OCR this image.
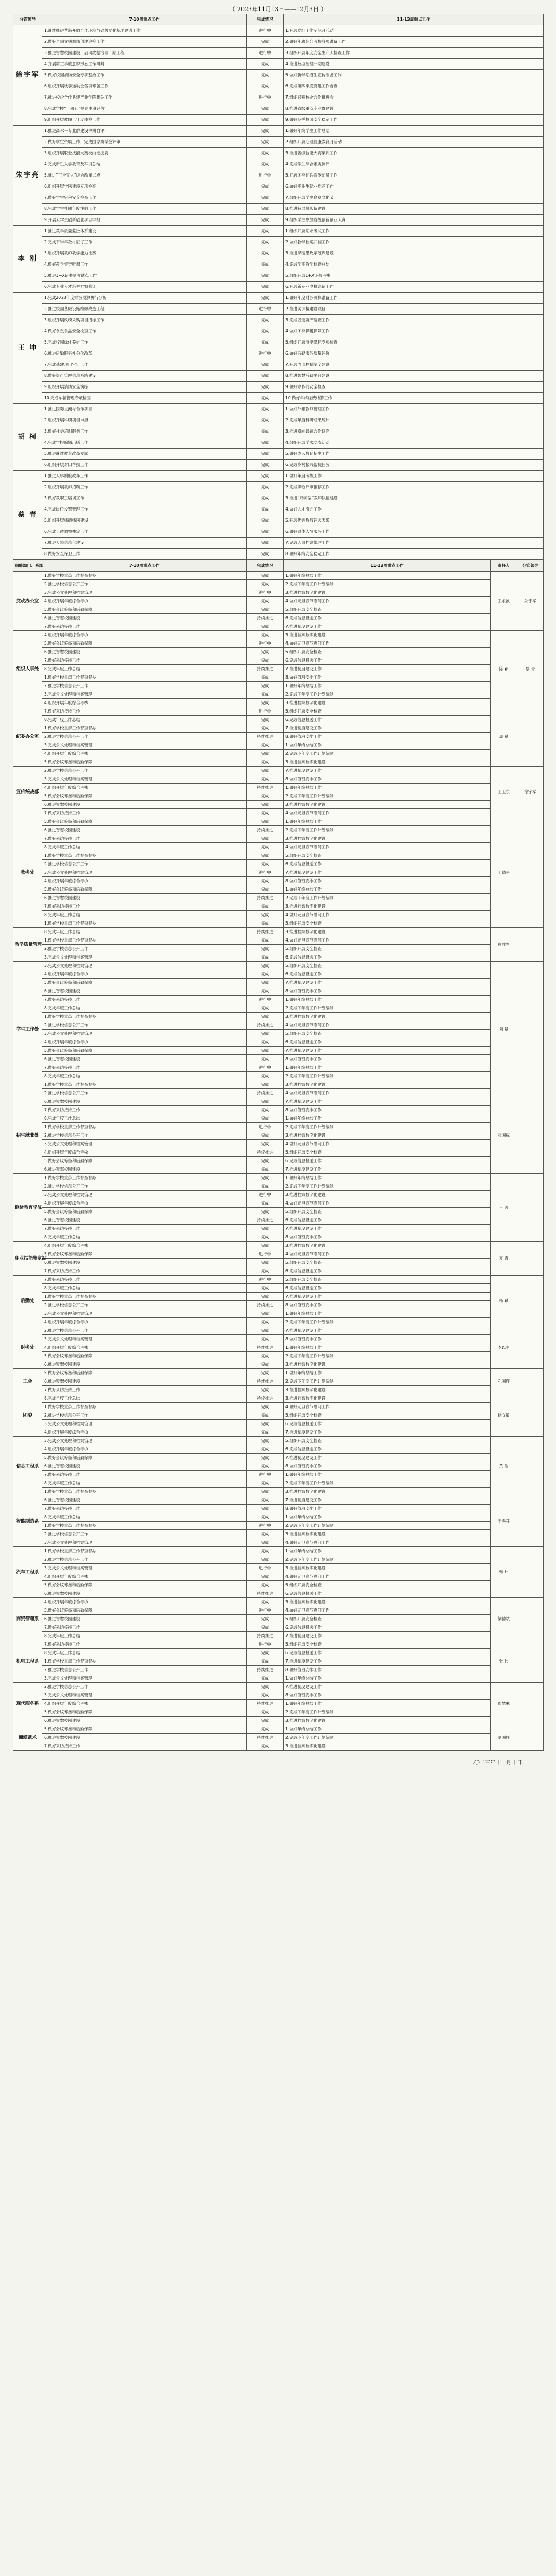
（ 2023年11月13日——12月3日 ）
分管领导	7-10周重点工作	完成情况	11-13周重点工作
徐宇军	1.继续推进营造开放合作环境与省级文化基地建设工作	进行中	1.开展党组工作示范月活动
	2.做好全国文明城市创建迎检工作	完成	2.做好年底综合考核各项准备工作
	3.推进智慧校园建设，启动数据治理一期工程	进行中	3.组织开展年度安全生产大检查工作
	4.开展第三季度意识形态工作研判	完成	4.推进数据治理一期建设
	5.做好校园消防安全专项整治工作	完成	5.做好新学期招生宣传准备工作
	6.组织开展秋季运动会各项筹备工作	完成	6.完成第四季度党建工作督查
	7.推进校企合作共建产业学院相关工作	进行中	7.组织召开校企合作推进会
	8.完成学校“十四五”规划中期评估	完成	8.推进省级重点专业群建设
	9.组织开展教职工年度体检工作	完成	9.做好冬季校园安全稳定工作
朱宇亮	1.推进高水平专业群建设中期自评	完成	1.做好年终学生工作总结
	2.做好学生资助工作，完成国家助学金评审	完成	2.组织开展心理健康教育月活动
	3.组织开展职业技能大赛校内选拔赛	完成	3.推进省级技能大赛集训工作
	4.完成新生入学教育及军训总结	完成	4.完成学生综合素质测评
	5.推进“三全育人”综合改革试点	进行中	5.开展冬季征兵宣传动员工作
	6.组织开展学风建设专项检查	完成	6.做好毕业生就业推荐工作
	7.做好学生宿舍安全检查工作	完成	7.组织开展学生寝室文化节
	8.完成学生社团年度注册工作	完成	8.推进辅导员队伍建设
	9.开展大学生创新创业项目申报	完成	9.组织学生参加省级创新创业大赛
李 刚	1.推进教学质量监控体系建设	完成	1.组织开展期末考试工作
	2.完成下半年教材征订工作	完成	2.做好教学档案归档工作
	3.组织开展教师教学能力比赛	完成	3.推进课程思政示范课建设
	4.做好教学督导听课工作	完成	4.完成学期教学检查总结
	5.推进1+X证书制度试点工作	完成	5.组织开展1+X证书考核
	6.完成专业人才培养方案修订	完成	6.开展新专业申报论证工作
王 坤	1.完成2023年度财务预算执行分析	完成	1.做好年度财务决算准备工作
	2.推进校园基础设施维修改造工程	进行中	2.推进实训楼建设项目
	3.组织开展政府采购项目招标工作	完成	3.完成固定资产清查工作
	4.做好食堂食品安全检查工作	完成	4.做好冬季供暖保障工作
	5.完成校园绿化养护工作	完成	5.组织开展节能降耗专项检查
	6.推进后勤服务社会化改革	进行中	6.做好后勤服务质量评价
	7.完成基建项目审计工作	完成	7.开展内部控制制度建设
	8.做好资产管理信息系统建设	完成	8.推进智慧后勤平台建设
	9.组织开展消防安全演练	完成	9.做好寒假前安全检查
	10.完成车辆管理专项检查	完成	10.做好年终经费结算工作
胡 柯	1.推进国际交流与合作项目	完成	1.做好外籍教师管理工作
	2.组织开展科研项目申报	完成	2.完成年度科研成果统计
	3.做好社会培训服务工作	完成	3.推进横向课题合作研究
	4.完成学报编辑出版工作	完成	4.组织开展学术交流活动
	5.推进继续教育改革发展	完成	5.做好成人教育招生工作
	6.组织开展对口帮扶工作	完成	6.完成乡村振兴帮扶任务
蔡 青	1.推进人事制度改革工作	完成	1.做好年度考核工作
	2.组织开展教师招聘工作	完成	2.完成职称评审推荐工作
	3.做好教职工培训工作	完成	3.推进“双师型”教师队伍建设
	4.完成岗位设置管理工作	完成	4.做好人才引进工作
	5.组织开展师德师风建设	完成	5.开展优秀教师评选表彰
	6.完成工资调整核定工作	完成	6.做好退休人员服务工作
	7.推进人事信息化建设	完成	7.完成人事档案整理工作
	8.做好安全保卫工作	完成	8.做好年终安全稳定工作
职能部门、系部	7-10周重点工作	完成情况	11-13周重点工作	责任人	分管领导
党政办公室	1.做好学校重点工作督查督办	完成	1.做好年终总结工作	王永波	朱宇军
	2.推进学校信息公开工作	完成	2.完成下年度工作计划编制		
	3.完成公文处理和档案管理	进行中	3.推进档案数字化建设		
	4.组织开展年度综合考核	完成	4.做好元旦春节慰问工作		
	5.做好会议筹备和后勤保障	完成	5.组织开展安全检查		
	6.推进智慧校园建设	持续推进	6.完成信息报送工作		
	7.做好来访接待工作	完成	7.推进制度建设工作		
组织人事处	4.组织开展年度综合考核	完成	3.推进档案数字化建设	陈 颖	蔡 青
	5.做好会议筹备和后勤保障	进行中	4.做好元旦春节慰问工作		
	6.推进智慧校园建设	完成	5.组织开展安全检查		
	7.做好来访接待工作	完成	6.完成信息报送工作		
	8.完成年度工作总结	持续推进	7.推进制度建设工作		
	1.做好学校重点工作督查督办	完成	8.做好值班安排工作		
	2.推进学校信息公开工作	完成	1.做好年终总结工作		
	3.完成公文处理和档案管理	完成	2.完成下年度工作计划编制		
	4.组织开展年度综合考核	完成	3.推进档案数字化建设		
纪委办公室	7.做好来访接待工作	进行中	5.组织开展安全检查	周 斌	
	8.完成年度工作总结	完成	6.完成信息报送工作		
	1.做好学校重点工作督查督办	完成	7.推进制度建设工作		
	2.推进学校信息公开工作	持续推进	8.做好值班安排工作		
	3.完成公文处理和档案管理	完成	1.做好年终总结工作		
	4.组织开展年度综合考核	完成	2.完成下年度工作计划编制		
	5.做好会议筹备和后勤保障	完成	3.推进档案数字化建设		
宣传统战部	2.推进学校信息公开工作	完成	7.推进制度建设工作	王卫东	徐宇军
	3.完成公文处理和档案管理	完成	8.做好值班安排工作		
	4.组织开展年度综合考核	持续推进	1.做好年终总结工作		
	5.做好会议筹备和后勤保障	完成	2.完成下年度工作计划编制		
	6.推进智慧校园建设	完成	3.推进档案数字化建设		
	7.做好来访接待工作	完成	4.做好元旦春节慰问工作		
教务处	5.做好会议筹备和后勤保障	完成	1.做好年终总结工作	于德平	
	6.推进智慧校园建设	持续推进	2.完成下年度工作计划编制		
	7.做好来访接待工作	完成	3.推进档案数字化建设		
	8.完成年度工作总结	完成	4.做好元旦春节慰问工作		
	1.做好学校重点工作督查督办	完成	5.组织开展安全检查		
	2.推进学校信息公开工作	完成	6.完成信息报送工作		
	3.完成公文处理和档案管理	进行中	7.推进制度建设工作		
	4.组织开展年度综合考核	完成	8.做好值班安排工作		
	5.做好会议筹备和后勤保障	完成	1.做好年终总结工作		
	6.推进智慧校园建设	持续推进	2.完成下年度工作计划编制		
	7.做好来访接待工作	完成	3.推进档案数字化建设		
	8.完成年度工作总结	完成	4.做好元旦春节慰问工作		
	1.做好学校重点工作督查督办	完成	5.组织开展安全检查		
教学质量管理	8.完成年度工作总结	持续推进	3.推进档案数字化建设	顾成军	
	1.做好学校重点工作督查督办	完成	4.做好元旦春节慰问工作		
	2.推进学校信息公开工作	完成	5.组织开展安全检查		
	3.完成公文处理和档案管理	完成	6.完成信息报送工作		
学生工作处	3.完成公文处理和档案管理	完成	5.组织开展安全检查	刘 斌	
	4.组织开展年度综合考核	完成	6.完成信息报送工作		
	5.做好会议筹备和后勤保障	完成	7.推进制度建设工作		
	6.推进智慧校园建设	完成	8.做好值班安排工作		
	7.做好来访接待工作	进行中	1.做好年终总结工作		
	8.完成年度工作总结	完成	2.完成下年度工作计划编制		
	1.做好学校重点工作督查督办	完成	3.推进档案数字化建设		
	2.推进学校信息公开工作	持续推进	4.做好元旦春节慰问工作		
	3.完成公文处理和档案管理	完成	5.组织开展安全检查		
	4.组织开展年度综合考核	完成	6.完成信息报送工作		
	5.做好会议筹备和后勤保障	完成	7.推进制度建设工作		
	6.推进智慧校园建设	完成	8.做好值班安排工作		
	7.做好来访接待工作	进行中	1.做好年终总结工作		
	8.完成年度工作总结	完成	2.完成下年度工作计划编制		
	1.做好学校重点工作督查督办	完成	3.推进档案数字化建设		
	2.推进学校信息公开工作	持续推进	4.做好元旦春节慰问工作		
招生就业处	6.推进智慧校园建设	完成	7.推进制度建设工作	张国栋	
	7.做好来访接待工作	完成	8.做好值班安排工作		
	8.完成年度工作总结	完成	1.做好年终总结工作		
	1.做好学校重点工作督查督办	进行中	2.完成下年度工作计划编制		
	2.推进学校信息公开工作	完成	3.推进档案数字化建设		
	3.完成公文处理和档案管理	完成	4.做好元旦春节慰问工作		
	4.组织开展年度综合考核	持续推进	5.组织开展安全检查		
	5.做好会议筹备和后勤保障	完成	6.完成信息报送工作		
	6.推进智慧校园建设	完成	7.推进制度建设工作		
继续教育学院	1.做好学校重点工作督查督办	完成	1.做好年终总结工作	王 涛	
	2.推进学校信息公开工作	完成	2.完成下年度工作计划编制		
	3.完成公文处理和档案管理	进行中	3.推进档案数字化建设		
	4.组织开展年度综合考核	完成	4.做好元旦春节慰问工作		
	5.做好会议筹备和后勤保障	完成	5.组织开展安全检查		
	6.推进智慧校园建设	持续推进	6.完成信息报送工作		
	7.做好来访接待工作	完成	7.推进制度建设工作		
	8.完成年度工作总结	完成	8.做好值班安排工作		
职业技能鉴定站	4.组织开展年度综合考核	完成	3.推进档案数字化建设	夏 青	
	5.做好会议筹备和后勤保障	进行中	4.做好元旦春节慰问工作		
	6.推进智慧校园建设	完成	5.组织开展安全检查		
	7.做好来访接待工作	完成	6.完成信息报送工作		
后勤处	7.做好来访接待工作	进行中	5.组织开展安全检查	杨 斌	
	8.完成年度工作总结	完成	6.完成信息报送工作		
	1.做好学校重点工作督查督办	完成	7.推进制度建设工作		
	2.推进学校信息公开工作	持续推进	8.做好值班安排工作		
	3.完成公文处理和档案管理	完成	1.做好年终总结工作		
	4.组织开展年度综合考核	完成	2.完成下年度工作计划编制		
财务处	2.推进学校信息公开工作	完成	7.推进制度建设工作	李以生	
	3.完成公文处理和档案管理	完成	8.做好值班安排工作		
	4.组织开展年度综合考核	持续推进	1.做好年终总结工作		
	5.做好会议筹备和后勤保障	完成	2.完成下年度工作计划编制		
	6.推进智慧校园建设	完成	3.推进档案数字化建设		
工会	5.做好会议筹备和后勤保障	完成	1.做好年终总结工作	孔国辉	
	6.推进智慧校园建设	持续推进	2.完成下年度工作计划编制		
	7.做好来访接待工作	完成	3.推进档案数字化建设		
团委	8.完成年度工作总结	持续推进	3.推进档案数字化建设	徐文敏	
	1.做好学校重点工作督查督办	完成	4.做好元旦春节慰问工作		
	2.推进学校信息公开工作	完成	5.组织开展安全检查		
	3.完成公文处理和档案管理	完成	6.完成信息报送工作		
	4.组织开展年度综合考核	完成	7.推进制度建设工作		
信息工程系	3.完成公文处理和档案管理	完成	5.组织开展安全检查	黄 浩	
	4.组织开展年度综合考核	完成	6.完成信息报送工作		
	5.做好会议筹备和后勤保障	完成	7.推进制度建设工作		
	6.推进智慧校园建设	完成	8.做好值班安排工作		
	7.做好来访接待工作	进行中	1.做好年终总结工作		
	8.完成年度工作总结	完成	2.完成下年度工作计划编制		
	1.做好学校重点工作督查督办	完成	3.推进档案数字化建设		
智能制造系	6.推进智慧校园建设	完成	7.推进制度建设工作	于秀芬	
	7.做好来访接待工作	完成	8.做好值班安排工作		
	8.完成年度工作总结	完成	1.做好年终总结工作		
	1.做好学校重点工作督查督办	进行中	2.完成下年度工作计划编制		
	2.推进学校信息公开工作	完成	3.推进档案数字化建设		
	3.完成公文处理和档案管理	完成	4.做好元旦春节慰问工作		
汽车工程系	1.做好学校重点工作督查督办	完成	1.做好年终总结工作	韩 玮	
	2.推进学校信息公开工作	完成	2.完成下年度工作计划编制		
	3.完成公文处理和档案管理	进行中	3.推进档案数字化建设		
	4.组织开展年度综合考核	完成	4.做好元旦春节慰问工作		
	5.做好会议筹备和后勤保障	完成	5.组织开展安全检查		
	6.推进智慧校园建设	持续推进	6.完成信息报送工作		
商贸管理系	4.组织开展年度综合考核	完成	3.推进档案数字化建设	梁德斌	
	5.做好会议筹备和后勤保障	进行中	4.做好元旦春节慰问工作		
	6.推进智慧校园建设	完成	5.组织开展安全检查		
	7.做好来访接待工作	完成	6.完成信息报送工作		
	8.完成年度工作总结	持续推进	7.推进制度建设工作		
机电工程系	7.做好来访接待工作	进行中	5.组织开展安全检查	张 伟	
	8.完成年度工作总结	完成	6.完成信息报送工作		
	1.做好学校重点工作督查督办	完成	7.推进制度建设工作		
	2.推进学校信息公开工作	持续推进	8.做好值班安排工作		
	3.完成公文处理和档案管理	完成	1.做好年终总结工作		
现代服务系	2.推进学校信息公开工作	完成	7.推进制度建设工作	周慧琳	
	3.完成公文处理和档案管理	完成	8.做好值班安排工作		
	4.组织开展年度综合考核	持续推进	1.做好年终总结工作		
	5.做好会议筹备和后勤保障	完成	2.完成下年度工作计划编制		
	6.推进智慧校园建设	完成	3.推进档案数字化建设		
湘派武术	5.做好会议筹备和后勤保障	完成	1.做好年终总结工作	刘国辉	
	6.推进智慧校园建设	持续推进	2.完成下年度工作计划编制		
	7.做好来访接待工作	完成	3.推进档案数字化建设		
二〇二三年十一月十日
